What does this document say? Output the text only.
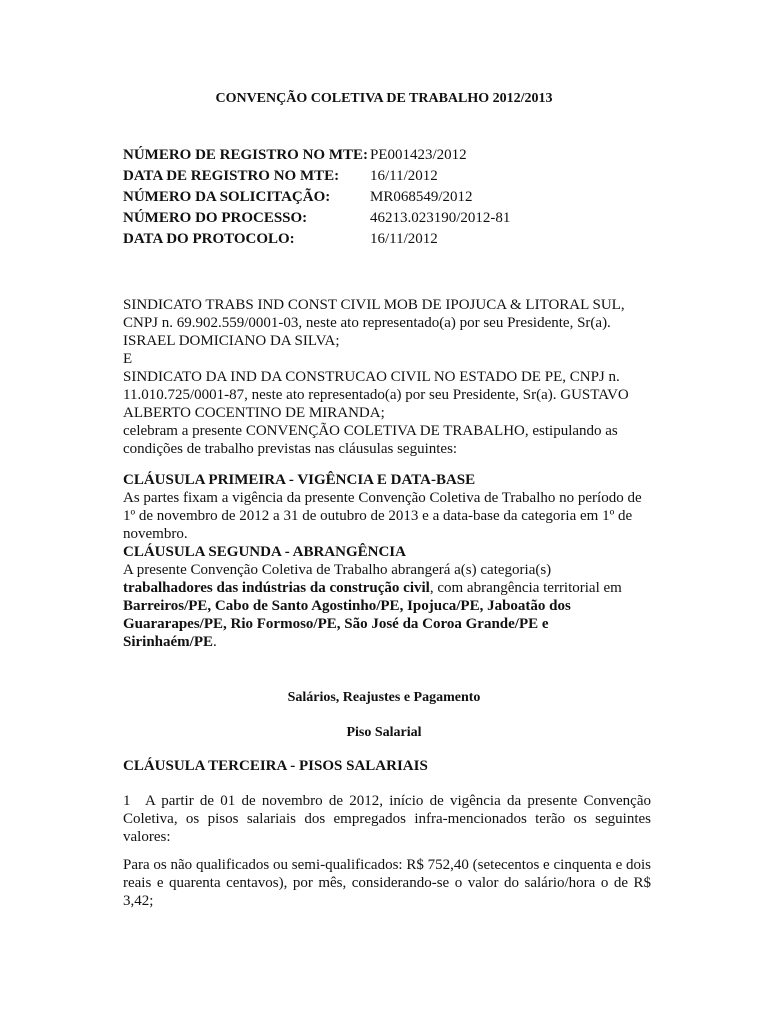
CONVENÇÃO COLETIVA DE TRABALHO 2012/2013
NÚMERO DE REGISTRO NO MTE: PE001423/2012
DATA DE REGISTRO NO MTE: 16/11/2012
NÚMERO DA SOLICITAÇÃO:	MR068549/2012
NÚMERO DO PROCESSO:	46213.023190/2012-81
DATA DO PROTOCOLO:	16/11/2012
SINDICATO TRABS IND CONST CIVIL MOB DE IPOJUCA & LITORAL SUL,
CNPJ n. 69.902.559/0001-03, neste ato representado(a) por seu Presidente, Sr(a).
ISRAEL DOMICIANO DA SILVA;
E
SINDICATO DA IND DA CONSTRUCAO CIVIL NO ESTADO DE PE, CNPJ n.
11.010.725/0001-87, neste ato representado(a) por seu Presidente, Sr(a). GUSTAVO
ALBERTO COCENTINO DE MIRANDA;
celebram a presente CONVENÇÃO COLETIVA DE TRABALHO, estipulando as
condições de trabalho previstas nas cláusulas seguintes:
CLÁUSULA PRIMEIRA - VIGÊNCIA E DATA-BASE
As partes fixam a vigência da presente Convenção Coletiva de Trabalho no período de
1º de novembro de 2012 a 31 de outubro de 2013 e a data-base da categoria em 1º de
novembro.
CLÁUSULA SEGUNDA - ABRANGÊNCIA
A presente Convenção Coletiva de Trabalho abrangerá a(s) categoria(s)
trabalhadores das indústrias da construção civil, com abrangência territorial em
Barreiros/PE, Cabo de Santo Agostinho/PE, Ipojuca/PE, Jaboatão dos
Guararapes/PE, Rio Formoso/PE, São José da Coroa Grande/PE e
Sirinhaém/PE.
Salários, Reajustes e Pagamento
Piso Salarial
CLÁUSULA TERCEIRA - PISOS SALARIAIS
1 A partir de 01 de novembro de 2012, início de vigência da presente Convenção Coletiva, os pisos salariais dos empregados infra-mencionados terão os seguintes valores:
Para os não qualificados ou semi-qualificados: R$ 752,40 (setecentos e cinquenta e dois reais e quarenta centavos), por mês, considerando-se o valor do salário/hora o de R$ 3,42;
